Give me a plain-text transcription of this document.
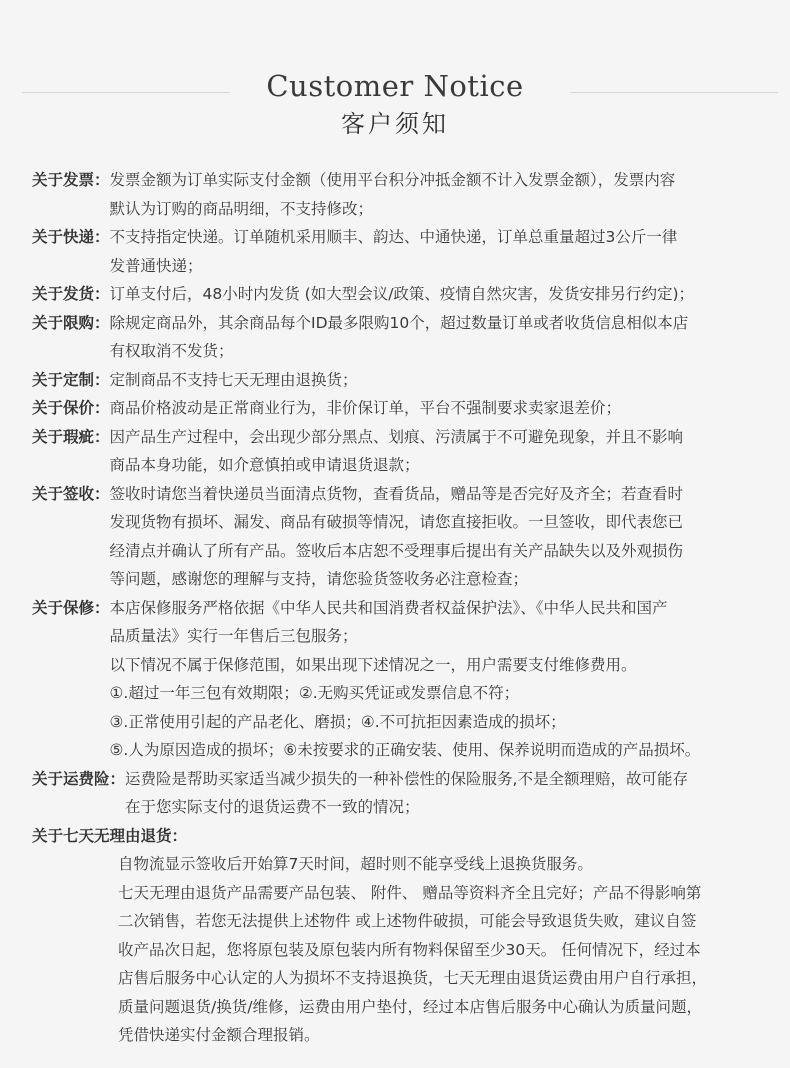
Customer Notice
客户须知
关于发票： 发票金额为订单实际支付金额（使用平台积分冲抵金额不计入发票金额），发票内容
默认为订购的商品明细，不支持修改；
关于快递： 不支持指定快递。订单随机采用顺丰、韵达、中通快递，订单总重量超过3公斤一律
发普通快递；
关于发货： 订单支付后，48小时内发货 (如大型会议/政策、疫情自然灾害，发货安排另行约定)；
关于限购： 除规定商品外，其余商品每个ID最多限购10个，超过数量订单或者收货信息相似本店
有权取消不发货；
关于定制： 定制商品不支持七天无理由退换货；
关于保价： 商品价格波动是正常商业行为，非价保订单，平台不强制要求卖家退差价；
关于瑕疵： 因产品生产过程中，会出现少部分黑点、划痕、污渍属于不可避免现象，并且不影响
商品本身功能，如介意慎拍或申请退货退款；
关于签收： 签收时请您当着快递员当面清点货物，查看货品，赠品等是否完好及齐全；若查看时
发现货物有损坏、漏发、商品有破损等情况，请您直接拒收。一旦签收，即代表您已
经清点并确认了所有产品。签收后本店恕不受理事后提出有关产品缺失以及外观损伤
等问题，感谢您的理解与支持，请您验货签收务必注意检查；
关于保修： 本店保修服务严格依据《中华人民共和国消费者权益保护法》、《中华人民共和国产
品质量法》实行一年售后三包服务；
以下情况不属于保修范围，如果出现下述情况之一，用户需要支付维修费用。
①.超过一年三包有效期限；②.无购买凭证或发票信息不符；
③.正常使用引起的产品老化、磨损；④.不可抗拒因素造成的损坏；
⑤.人为原因造成的损坏；⑥未按要求的正确安装、使用、保养说明而造成的产品损坏。
关于运费险： 运费险是帮助买家适当减少损失的一种补偿性的保险服务,不是全额理赔，故可能存
在于您实际支付的退货运费不一致的情况；
关于七天无理由退货：
自物流显示签收后开始算7天时间，超时则不能享受线上退换货服务。
七天无理由退货产品需要产品包装、 附件、 赠品等资料齐全且完好；产品不得影响第
二次销售，若您无法提供上述物件 或上述物件破损，可能会导致退货失败，建议自签
收产品次日起，您将原包装及原包装内所有物料保留至少30天。 任何情况下，经过本
店售后服务中心认定的人为损坏不支持退换货，七天无理由退货运费由用户自行承担，
质量问题退货/换货/维修，运费由用户垫付，经过本店售后服务中心确认为质量问题，
凭借快递实付金额合理报销。
